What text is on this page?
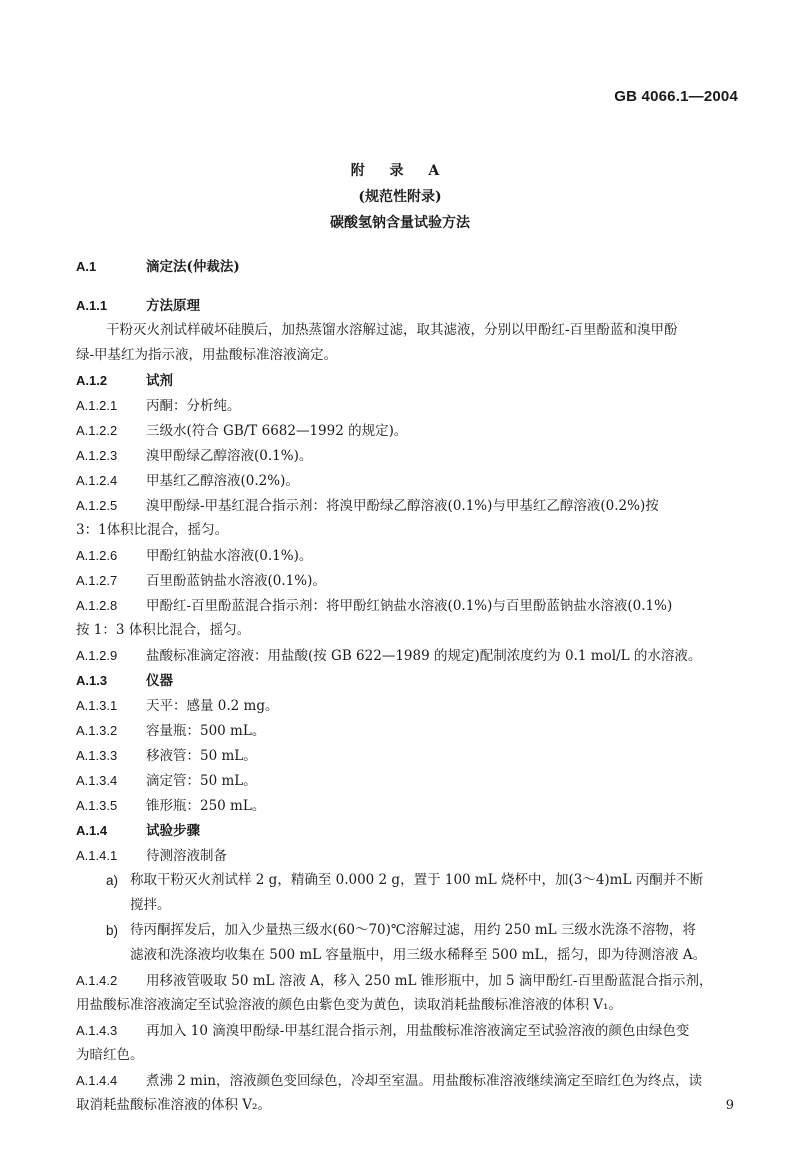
GB 4066.1—2004
附 录 A
(规范性附录)
碳酸氢钠含量试验方法
A.1	滴定法(仲裁法)
A.1.1	方法原理
干粉灭火剂试样破坏硅膜后，加热蒸馏水溶解过滤，取其滤液，分别以甲酚红-百里酚蓝和溴甲酚
绿-甲基红为指示液，用盐酸标准溶液滴定。
A.1.2	试剂
A.1.2.1 丙酮：分析纯。
A.1.2.2 三级水(符合 GB/T 6682—1992 的规定)。
A.1.2.3 溴甲酚绿乙醇溶液(0.1%)。
A.1.2.4 甲基红乙醇溶液(0.2%)。
A.1.2.5 溴甲酚绿-甲基红混合指示剂：将溴甲酚绿乙醇溶液(0.1%)与甲基红乙醇溶液(0.2%)按
3：1体积比混合，摇匀。
A.1.2.6 甲酚红钠盐水溶液(0.1%)。
A.1.2.7 百里酚蓝钠盐水溶液(0.1%)。
A.1.2.8 甲酚红-百里酚蓝混合指示剂：将甲酚红钠盐水溶液(0.1%)与百里酚蓝钠盐水溶液(0.1%)
按 1：3 体积比混合，摇匀。
A.1.2.9 盐酸标准滴定溶液：用盐酸(按 GB 622—1989 的规定)配制浓度约为 0.1 mol/L 的水溶液。
A.1.3	仪器
A.1.3.1 天平：感量 0.2 mg。
A.1.3.2 容量瓶：500 mL。
A.1.3.3 移液管：50 mL。
A.1.3.4 滴定管：50 mL。
A.1.3.5 锥形瓶：250 mL。
A.1.4	试验步骤
A.1.4.1 待测溶液制备
a) 称取干粉灭火剂试样 2 g，精确至 0.000 2 g，置于 100 mL 烧杯中，加(3～4)mL 丙酮并不断
搅拌。
b) 待丙酮挥发后，加入少量热三级水(60～70)℃溶解过滤，用约 250 mL 三级水洗涤不溶物，将
滤液和洗涤液均收集在 500 mL 容量瓶中，用三级水稀释至 500 mL，摇匀，即为待测溶液 A。
A.1.4.2 用移液管吸取 50 mL 溶液 A，移入 250 mL 锥形瓶中，加 5 滴甲酚红-百里酚蓝混合指示剂，
用盐酸标准溶液滴定至试验溶液的颜色由紫色变为黄色，读取消耗盐酸标准溶液的体积 V₁。
A.1.4.3 再加入 10 滴溴甲酚绿-甲基红混合指示剂，用盐酸标准溶液滴定至试验溶液的颜色由绿色变
为暗红色。
A.1.4.4 煮沸 2 min，溶液颜色变回绿色，冷却至室温。用盐酸标准溶液继续滴定至暗红色为终点，读
取消耗盐酸标准溶液的体积 V₂。	9
